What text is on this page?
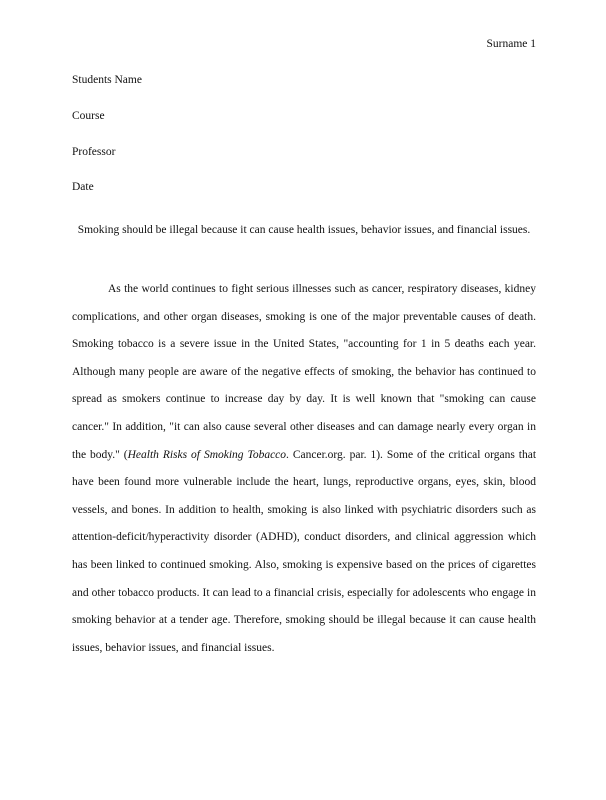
Surname 1
Students Name
Course
Professor
Date
Smoking should be illegal because it can cause health issues, behavior issues, and financial issues.
As the world continues to fight serious illnesses such as cancer, respiratory diseases, kidney complications, and other organ diseases, smoking is one of the major preventable causes of death. Smoking tobacco is a severe issue in the United States, "accounting for 1 in 5 deaths each year. Although many people are aware of the negative effects of smoking, the behavior has continued to spread as smokers continue to increase day by day. It is well known that "smoking can cause cancer." In addition, "it can also cause several other diseases and can damage nearly every organ in the body." (Health Risks of Smoking Tobacco. Cancer.org. par. 1). Some of the critical organs that have been found more vulnerable include the heart, lungs, reproductive organs, eyes, skin, blood vessels, and bones. In addition to health, smoking is also linked with psychiatric disorders such as attention-deficit/hyperactivity disorder (ADHD), conduct disorders, and clinical aggression which has been linked to continued smoking. Also, smoking is expensive based on the prices of cigarettes and other tobacco products. It can lead to a financial crisis, especially for adolescents who engage in smoking behavior at a tender age. Therefore, smoking should be illegal because it can cause health issues, behavior issues, and financial issues.
